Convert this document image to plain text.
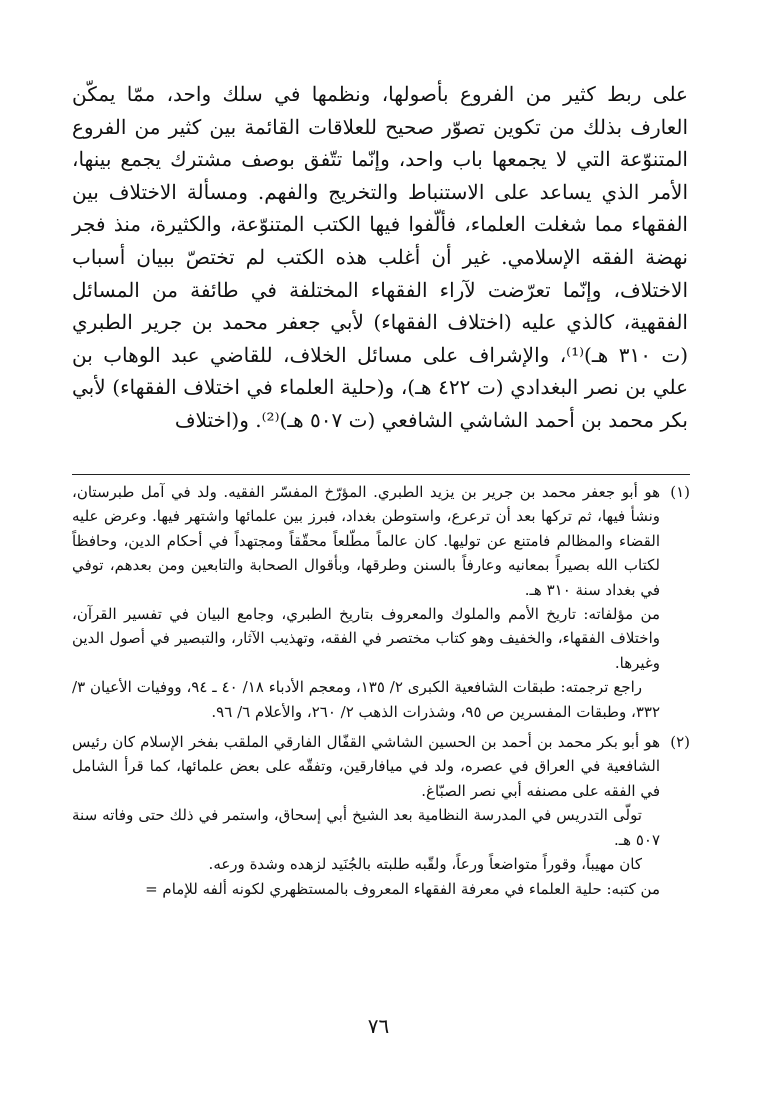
على ربط كثير من الفروع بأصولها، ونظمها في سلك واحد، ممّا يمكّن العارف بذلك من تكوين تصوّر صحيح للعلاقات القائمة بين كثير من الفروع المتنوّعة التي لا يجمعها باب واحد، وإنّما تتّفق بوصف مشترك يجمع بينها، الأمر الذي يساعد على الاستنباط والتخريج والفهم. ومسألة الاختلاف بين الفقهاء مما شغلت العلماء، فألّفوا فيها الكتب المتنوّعة، والكثيرة، منذ فجر نهضة الفقه الإسلامي. غير أن أغلب هذه الكتب لم تختصّ ببيان أسباب الاختلاف، وإنّما تعرّضت لآراء الفقهاء المختلفة في طائفة من المسائل الفقهية، كالذي عليه (اختلاف الفقهاء) لأبي جعفر محمد بن جرير الطبري (ت ٣١٠ هـ)⁽¹⁾، والإشراف على مسائل الخلاف، للقاضي عبد الوهاب بن علي بن نصر البغدادي (ت ٤٢٢ هـ)، و(حلية العلماء في اختلاف الفقهاء) لأبي بكر محمد بن أحمد الشاشي الشافعي (ت ٥٠٧ هـ)⁽²⁾. و(اختلاف

(١)

هو أبو جعفر محمد بن جرير بن يزيد الطبري. المؤرّخ المفسّر الفقيه. ولد في آمل طبرستان، ونشأ فيها، ثم تركها بعد أن ترعرع، واستوطن بغداد، فبرز بين علمائها واشتهر فيها. وعرض عليه القضاء والمظالم فامتنع عن توليها. كان عالماً مطّلعاً محقّقاً ومجتهداً في أحكام الدين، وحافظاً لكتاب الله بصيراً بمعانيه وعارفاً بالسنن وطرقها، وبأقوال الصحابة والتابعين ومن بعدهم، توفي في بغداد سنة ٣١٠ هـ.

من مؤلفاته: تاريخ الأمم والملوك والمعروف بتاريخ الطبري، وجامع البيان في تفسير القرآن، واختلاف الفقهاء، والخفيف وهو كتاب مختصر في الفقه، وتهذيب الآثار، والتبصير في أصول الدين وغيرها.

راجع ترجمته: طبقات الشافعية الكبرى ٢/ ١٣٥، ومعجم الأدباء ١٨/ ٤٠ ـ ٩٤، ووفيات الأعيان ٣/ ٣٣٢، وطبقات المفسرين ص ٩٥، وشذرات الذهب ٢/ ٢٦٠، والأعلام ٦/ ٩٦.

(٢)

هو أبو بكر محمد بن أحمد بن الحسين الشاشي القفّال الفارقي الملقب بفخر الإسلام كان رئيس الشافعية في العراق في عصره، ولد في ميافارقين، وتفقّه على بعض علمائها، كما قرأ الشامل في الفقه على مصنفه أبي نصر الصبّاغ.

تولّى التدريس في المدرسة النظامية بعد الشيخ أبي إسحاق، واستمر في ذلك حتى وفاته سنة ٥٠٧ هـ.

كان مهيباً، وقوراً متواضعاً ورعاً، ولقّبه طلبته بالجُنَيد لزهده وشدة ورعه.

من كتبه: حلية العلماء في معرفة الفقهاء المعروف بالمستظهري لكونه ألفه للإمام =

٧٦
